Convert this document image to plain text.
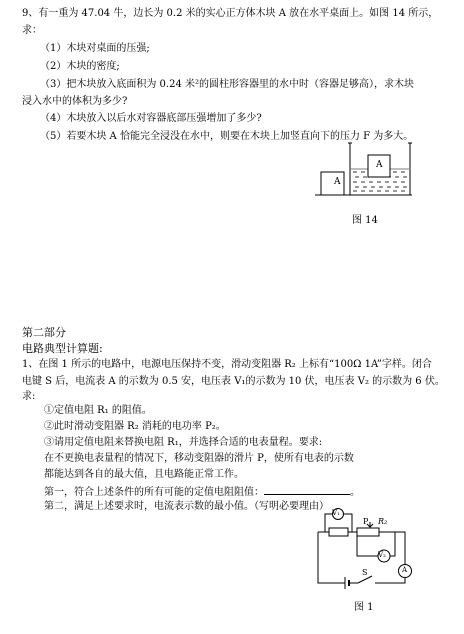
9、有一重为 47.04 牛，边长为 0.2 米的实心正方体木块 A 放在水平桌面上。如图 14 所示，
求：
（1）木块对桌面的压强;
（2）木块的密度;
（3）把木块放入底面积为 0.24 米²的圆柱形容器里的水中时（容器足够高），求木块
浸入水中的体积为多少?
（4）木块放入以后水对容器底部压强增加了多少?
（5）若要木块 A 恰能完全浸没在水中，则要在木块上加竖直向下的压力 F 为多大。
A
A
图 14
第二部分
电路典型计算题:
1、在图 1 所示的电路中，电源电压保持不变，滑动变阻器 R₂ 上标有“100Ω 1A”字样。闭合
电键 S 后，电流表 A 的示数为 0.5 安，电压表 V₁的示数为 10 伏，电压表 V₂ 的示数为 6 伏。
求:
①定值电阻 R₁ 的阻值。
②此时滑动变阻器 R₂ 消耗的电功率 P₂。
③请用定值电阻来替换电阻 R₁，并选择合适的电表量程。要求:
在不更换电表量程的情况下，移动变阻器的滑片 P，使所有电表的示数
都能达到各自的最大值，且电路能正常工作。
第一，符合上述条件的所有可能的定值电阻阻值：	。
第二，满足上述要求时，电流表示数的最小值。（写明必要理由）
V₁
V₂
A
P R₂
S
图 1
